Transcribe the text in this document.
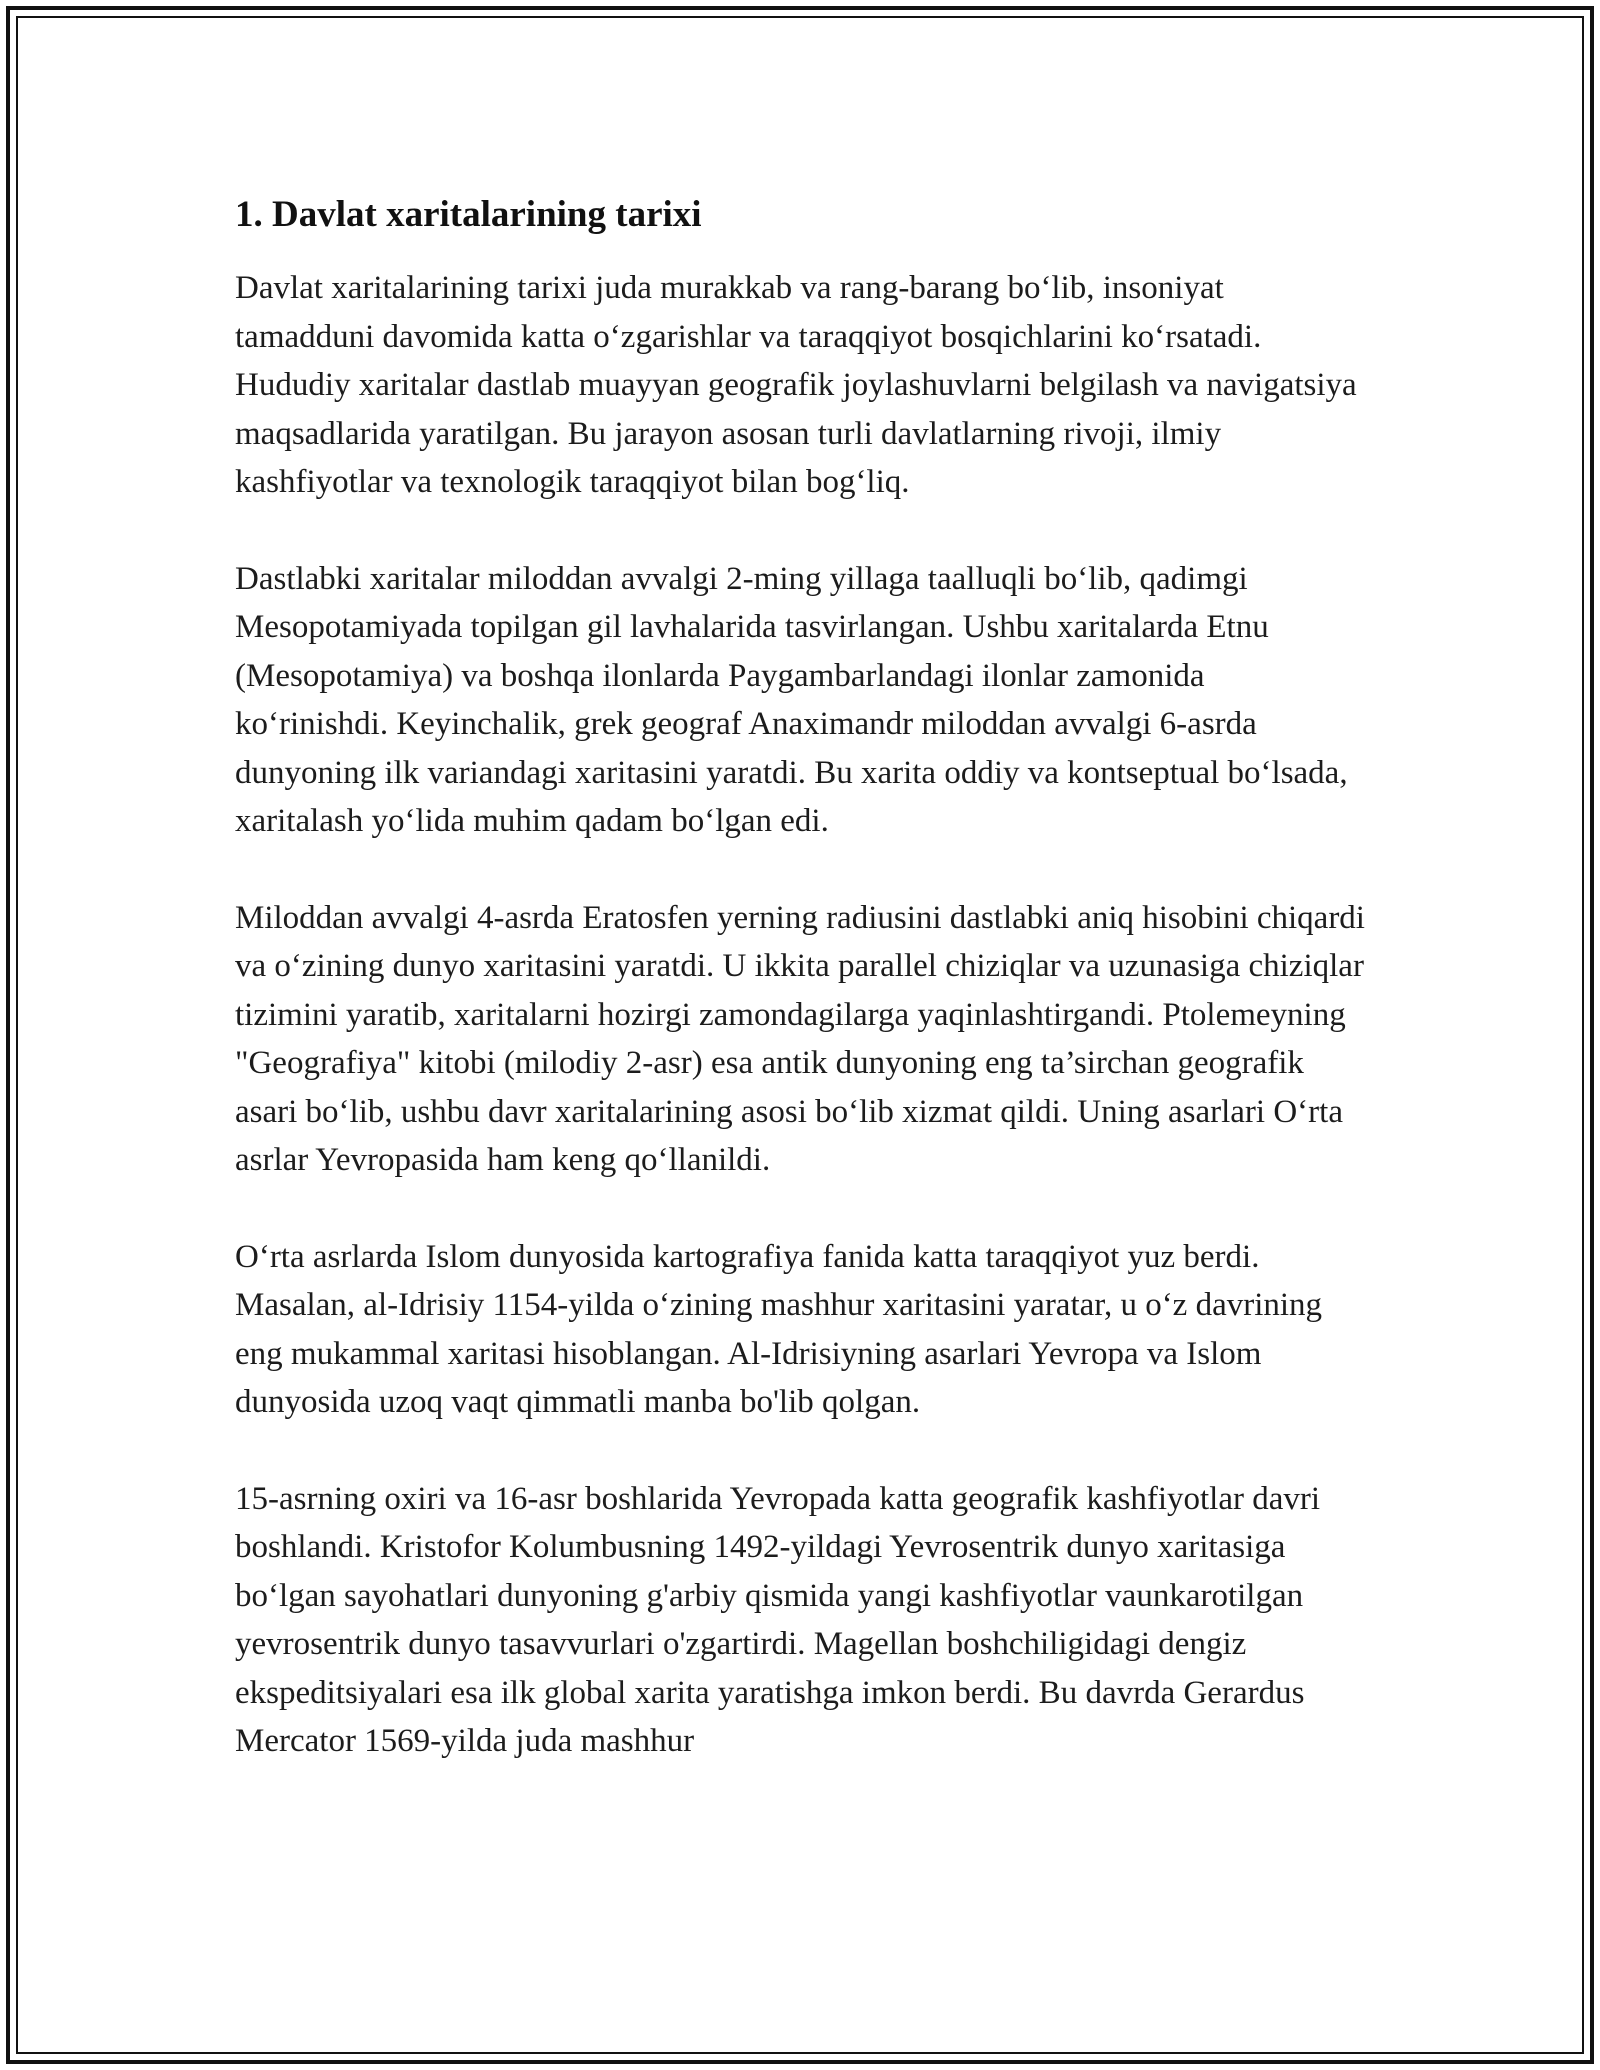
1. Davlat xaritalarining tarixi

Davlat xaritalarining tarixi juda murakkab va rang-barang bo‘lib, insoniyat tamadduni davomida katta o‘zgarishlar va taraqqiyot bosqichlarini ko‘rsatadi. Hududiy xaritalar dastlab muayyan geografik joylashuvlarni belgilash va navigatsiya maqsadlarida yaratilgan. Bu jarayon asosan turli davlatlarning rivoji, ilmiy kashfiyotlar va texnologik taraqqiyot bilan bog‘liq.

Dastlabki xaritalar miloddan avvalgi 2-ming yillaga taalluqli bo‘lib, qadimgi Mesopotamiyada topilgan gil lavhalarida tasvirlangan. Ushbu xaritalarda Etnu (Mesopotamiya) va boshqa ilonlarda Paygambarlandagi ilonlar zamonida ko‘rinishdi. Keyinchalik, grek geograf Anaximandr miloddan avvalgi 6-asrda dunyoning ilk variandagi xaritasini yaratdi. Bu xarita oddiy va kontseptual bo‘lsada, xaritalash yo‘lida muhim qadam bo‘lgan edi.

Miloddan avvalgi 4-asrda Eratosfen yerning radiusini dastlabki aniq hisobini chiqardi va o‘zining dunyo xaritasini yaratdi. U ikkita parallel chiziqlar va uzunasiga chiziqlar tizimini yaratib, xaritalarni hozirgi zamondagilarga yaqinlashtirgandi. Ptolemeyning "Geografiya" kitobi (milodiy 2-asr) esa antik dunyoning eng ta’sirchan geografik asari bo‘lib, ushbu davr xaritalarining asosi bo‘lib xizmat qildi. Uning asarlari O‘rta asrlar Yevropasida ham keng qo‘llanildi.

O‘rta asrlarda Islom dunyosida kartografiya fanida katta taraqqiyot yuz berdi. Masalan, al-Idrisiy 1154-yilda o‘zining mashhur xaritasini yaratar, u o‘z davrining eng mukammal xaritasi hisoblangan. Al-Idrisiyning asarlari Yevropa va Islom dunyosida uzoq vaqt qimmatli manba bo'lib qolgan.

15-asrning oxiri va 16-asr boshlarida Yevropada katta geografik kashfiyotlar davri boshlandi. Kristofor Kolumbusning 1492-yildagi Yevrosentrik dunyo xaritasiga bo‘lgan sayohatlari dunyoning g'arbiy qismida yangi kashfiyotlar vaunkarotilgan yevrosentrik dunyo tasavvurlari o'zgartirdi. Magellan boshchiligidagi dengiz ekspeditsiyalari esa ilk global xarita yaratishga imkon berdi. Bu davrda Gerardus Mercator 1569-yilda juda mashhur
